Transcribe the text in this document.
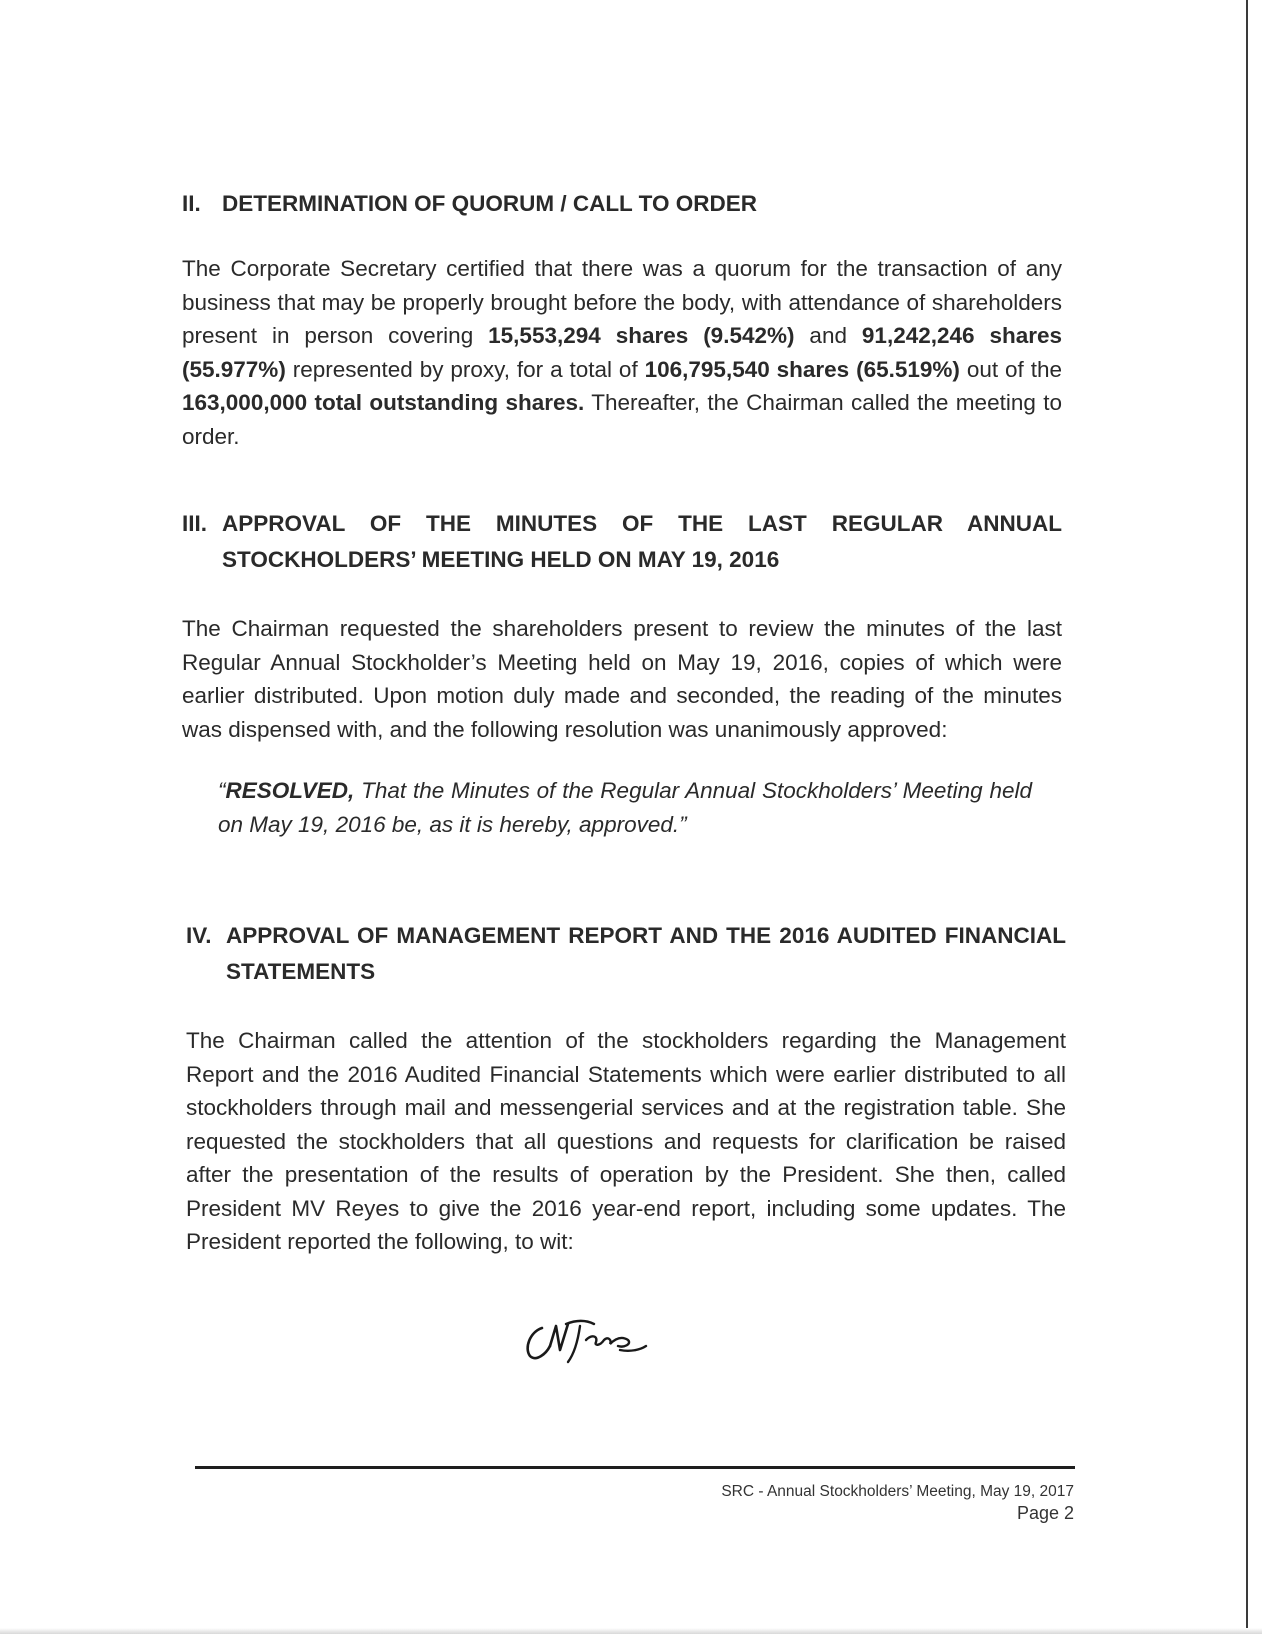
II. DETERMINATION OF QUORUM / CALL TO ORDER

The Corporate Secretary certified that there was a quorum for the transaction of any business that may be properly brought before the body, with attendance of shareholders present in person covering 15,553,294 shares (9.542%) and 91,242,246 shares (55.977%) represented by proxy, for a total of 106,795,540 shares (65.519%) out of the 163,000,000 total outstanding shares. Thereafter, the Chairman called the meeting to order.

III. APPROVAL OF THE MINUTES OF THE LAST REGULAR ANNUAL STOCKHOLDERS’ MEETING HELD ON MAY 19, 2016

The Chairman requested the shareholders present to review the minutes of the last Regular Annual Stockholder’s Meeting held on May 19, 2016, copies of which were earlier distributed. Upon motion duly made and seconded, the reading of the minutes was dispensed with, and the following resolution was unanimously approved:

“RESOLVED, That the Minutes of the Regular Annual Stockholders’ Meeting held on May 19, 2016 be, as it is hereby, approved.”

IV. APPROVAL OF MANAGEMENT REPORT AND THE 2016 AUDITED FINANCIAL STATEMENTS

The Chairman called the attention of the stockholders regarding the Management Report and the 2016 Audited Financial Statements which were earlier distributed to all stockholders through mail and messengerial services and at the registration table. She requested the stockholders that all questions and requests for clarification be raised after the presentation of the results of operation by the President. She then, called President MV Reyes to give the 2016 year-end report, including some updates. The President reported the following, to wit:

SRC - Annual Stockholders’ Meeting, May 19, 2017
Page 2
